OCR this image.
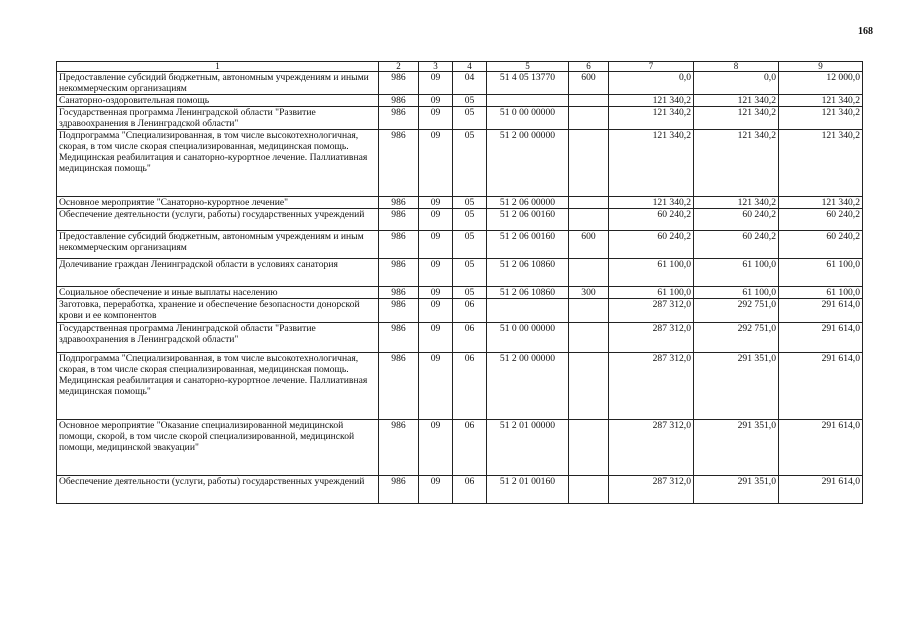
168
1	2	3	4	5	6	7	8	9
Предоставление субсидий бюджетным, автономным учреждениям и иными некоммерческим организациям	986	09	04	51 4 05 13770	600	0,0	0,0	12 000,0
Санаторно-оздоровительная помощь	986	09	05			121 340,2	121 340,2	121 340,2
Государственная программа Ленинградской области "Развитие здравоохранения в Ленинградской области"	986	09	05	51 0 00 00000		121 340,2	121 340,2	121 340,2
Подпрограмма "Специализированная, в том числе высокотехнологичная, скорая, в том числе скорая специализированная, медицинская помощь. Медицинская реабилитация и санаторно-курортное лечение. Паллиативная медицинская помощь"	986	09	05	51 2 00 00000		121 340,2	121 340,2	121 340,2
Основное мероприятие "Санаторно-курортное лечение"	986	09	05	51 2 06 00000		121 340,2	121 340,2	121 340,2
Обеспечение деятельности (услуги, работы) государственных учреждений	986	09	05	51 2 06 00160		60 240,2	60 240,2	60 240,2
Предоставление субсидий бюджетным, автономным учреждениям и иным некоммерческим организациям	986	09	05	51 2 06 00160	600	60 240,2	60 240,2	60 240,2
Долечивание граждан Ленинградской области в условиях санатория	986	09	05	51 2 06 10860		61 100,0	61 100,0	61 100,0
Социальное обеспечение и иные выплаты населению	986	09	05	51 2 06 10860	300	61 100,0	61 100,0	61 100,0
Заготовка, переработка, хранение и обеспечение безопасности донорской крови и ее компонентов	986	09	06			287 312,0	292 751,0	291 614,0
Государственная программа Ленинградской области "Развитие здравоохранения в Ленинградской области"	986	09	06	51 0 00 00000		287 312,0	292 751,0	291 614,0
Подпрограмма "Специализированная, в том числе высокотехнологичная, скорая, в том числе скорая специализированная, медицинская помощь. Медицинская реабилитация и санаторно-курортное лечение. Паллиативная медицинская помощь"	986	09	06	51 2 00 00000		287 312,0	291 351,0	291 614,0
Основное мероприятие "Оказание специализированной медицинской помощи, скорой, в том числе скорой специализированной, медицинской помощи, медицинской эвакуации"	986	09	06	51 2 01 00000		287 312,0	291 351,0	291 614,0
Обеспечение деятельности (услуги, работы) государственных учреждений	986	09	06	51 2 01 00160		287 312,0	291 351,0	291 614,0
